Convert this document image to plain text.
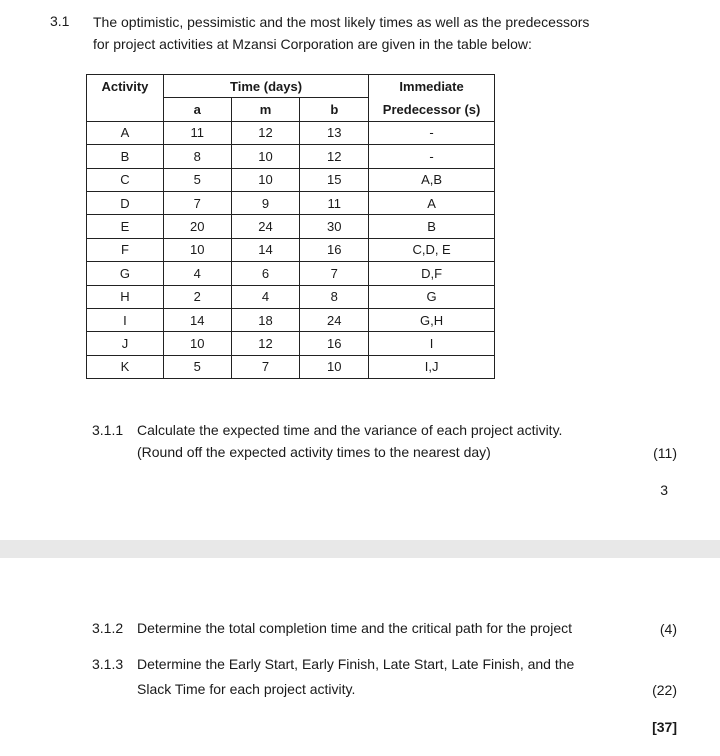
3.1 The optimistic, pessimistic and the most likely times as well as the predecessors
for project activities at Mzansi Corporation are given in the table below:
Activity	Time (days)			Immediate
	a	m	b	Predecessor (s)
A	11	12	13	-
B	8	10	12	-
C	5	10	15	A,B
D	7	9	11	A
E	20	24	30	B
F	10	14	16	C,D, E
G	4	6	7	D,F
H	2	4	8	G
I	14	18	24	G,H
J	10	12	16	I
K	5	7	10	I,J
3.1.1 Calculate the expected time and the variance of each project activity.
(Round off the expected activity times to the nearest day)	(11)
3
3.1.2 Determine the total completion time and the critical path for the project	(4)
3.1.3 Determine the Early Start, Early Finish, Late Start, Late Finish, and the
Slack Time for each project activity.	(22)
[37]
